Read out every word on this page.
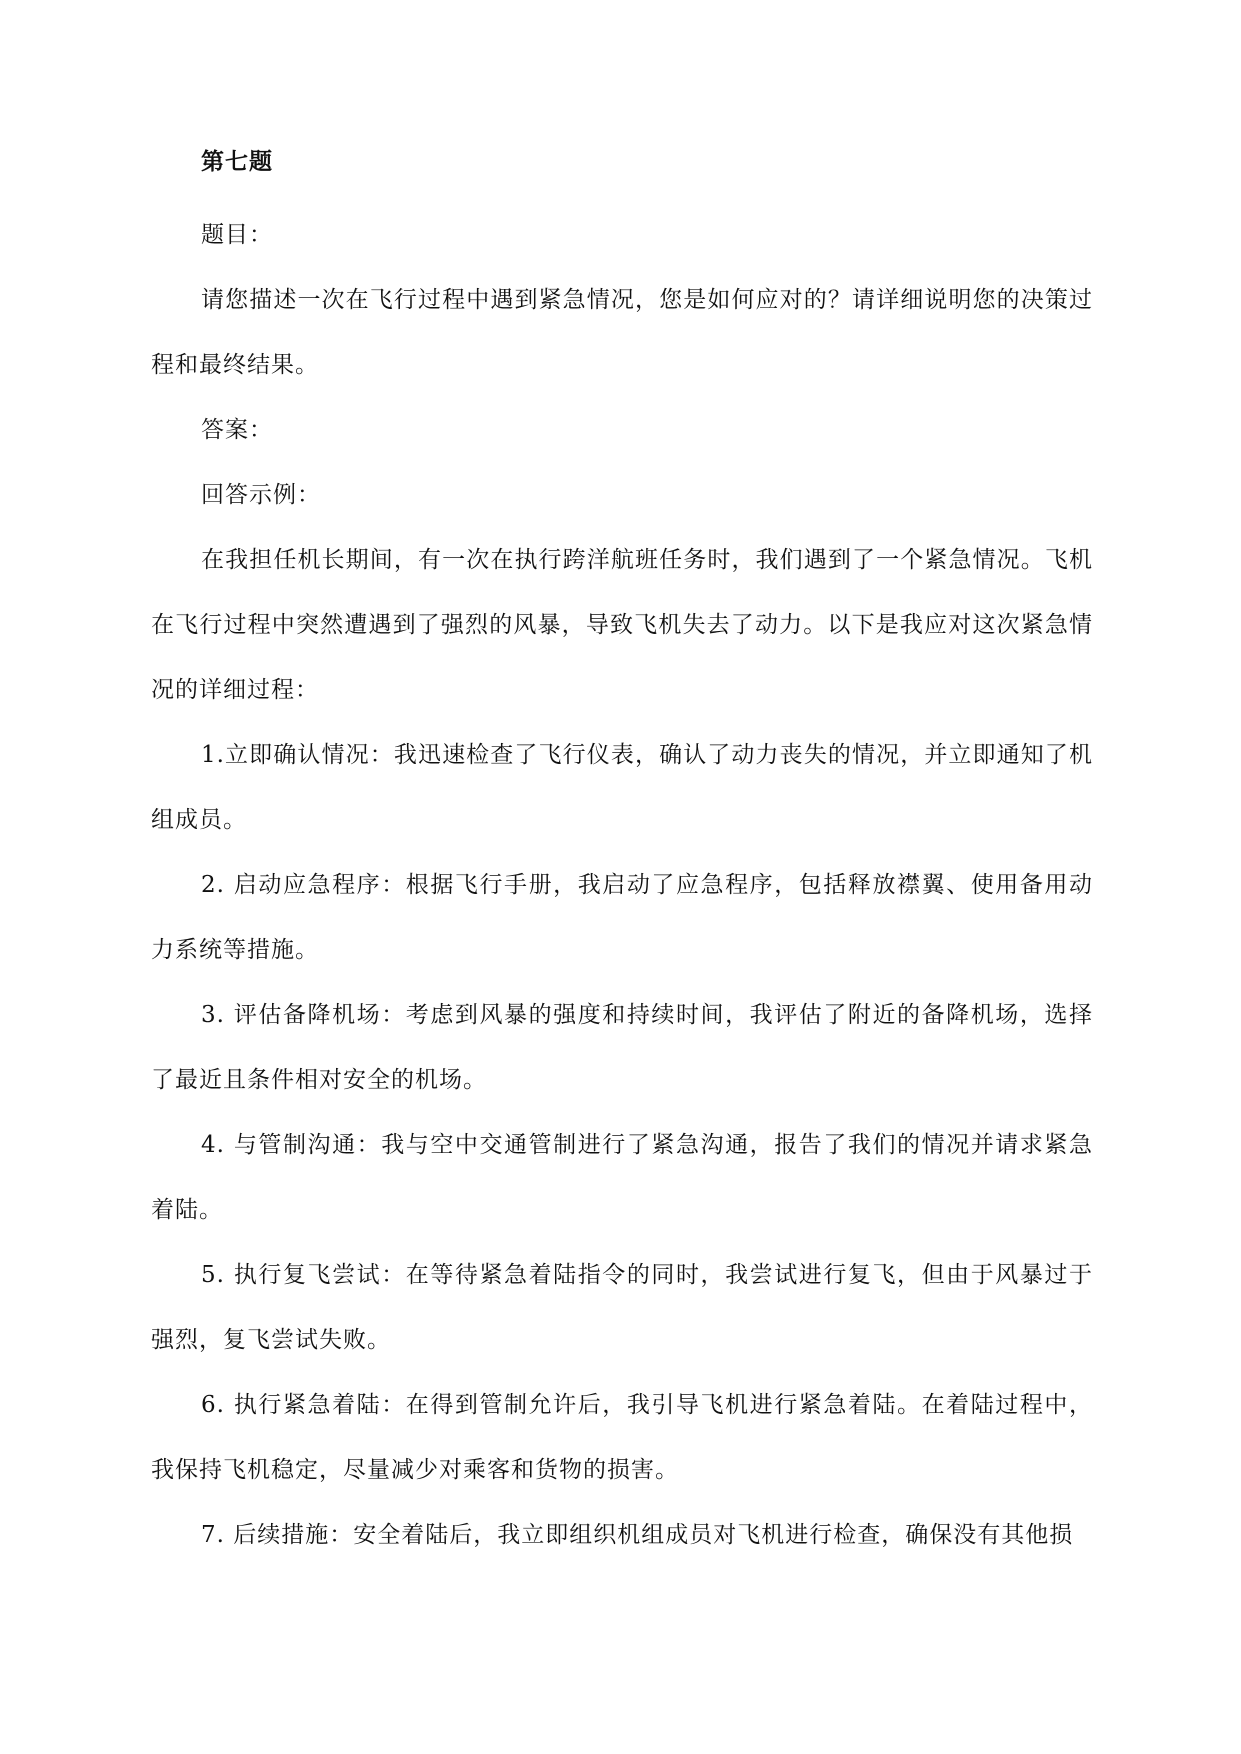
第七题

题目：

请您描述一次在飞行过程中遇到紧急情况，您是如何应对的？请详细说明您的决策过程和最终结果。

答案：

回答示例：

在我担任机长期间，有一次在执行跨洋航班任务时，我们遇到了一个紧急情况。飞机在飞行过程中突然遭遇到了强烈的风暴，导致飞机失去了动力。以下是我应对这次紧急情况的详细过程：

1.立即确认情况：我迅速检查了飞行仪表，确认了动力丧失的情况，并立即通知了机组成员。

2. 启动应急程序：根据飞行手册，我启动了应急程序，包括释放襟翼、使用备用动力系统等措施。

3. 评估备降机场：考虑到风暴的强度和持续时间，我评估了附近的备降机场，选择了最近且条件相对安全的机场。

4. 与管制沟通：我与空中交通管制进行了紧急沟通，报告了我们的情况并请求紧急着陆。

5. 执行复飞尝试：在等待紧急着陆指令的同时，我尝试进行复飞，但由于风暴过于强烈，复飞尝试失败。

6. 执行紧急着陆：在得到管制允许后，我引导飞机进行紧急着陆。在着陆过程中，我保持飞机稳定，尽量减少对乘客和货物的损害。

7. 后续措施：安全着陆后，我立即组织机组成员对飞机进行检查，确保没有其他损
